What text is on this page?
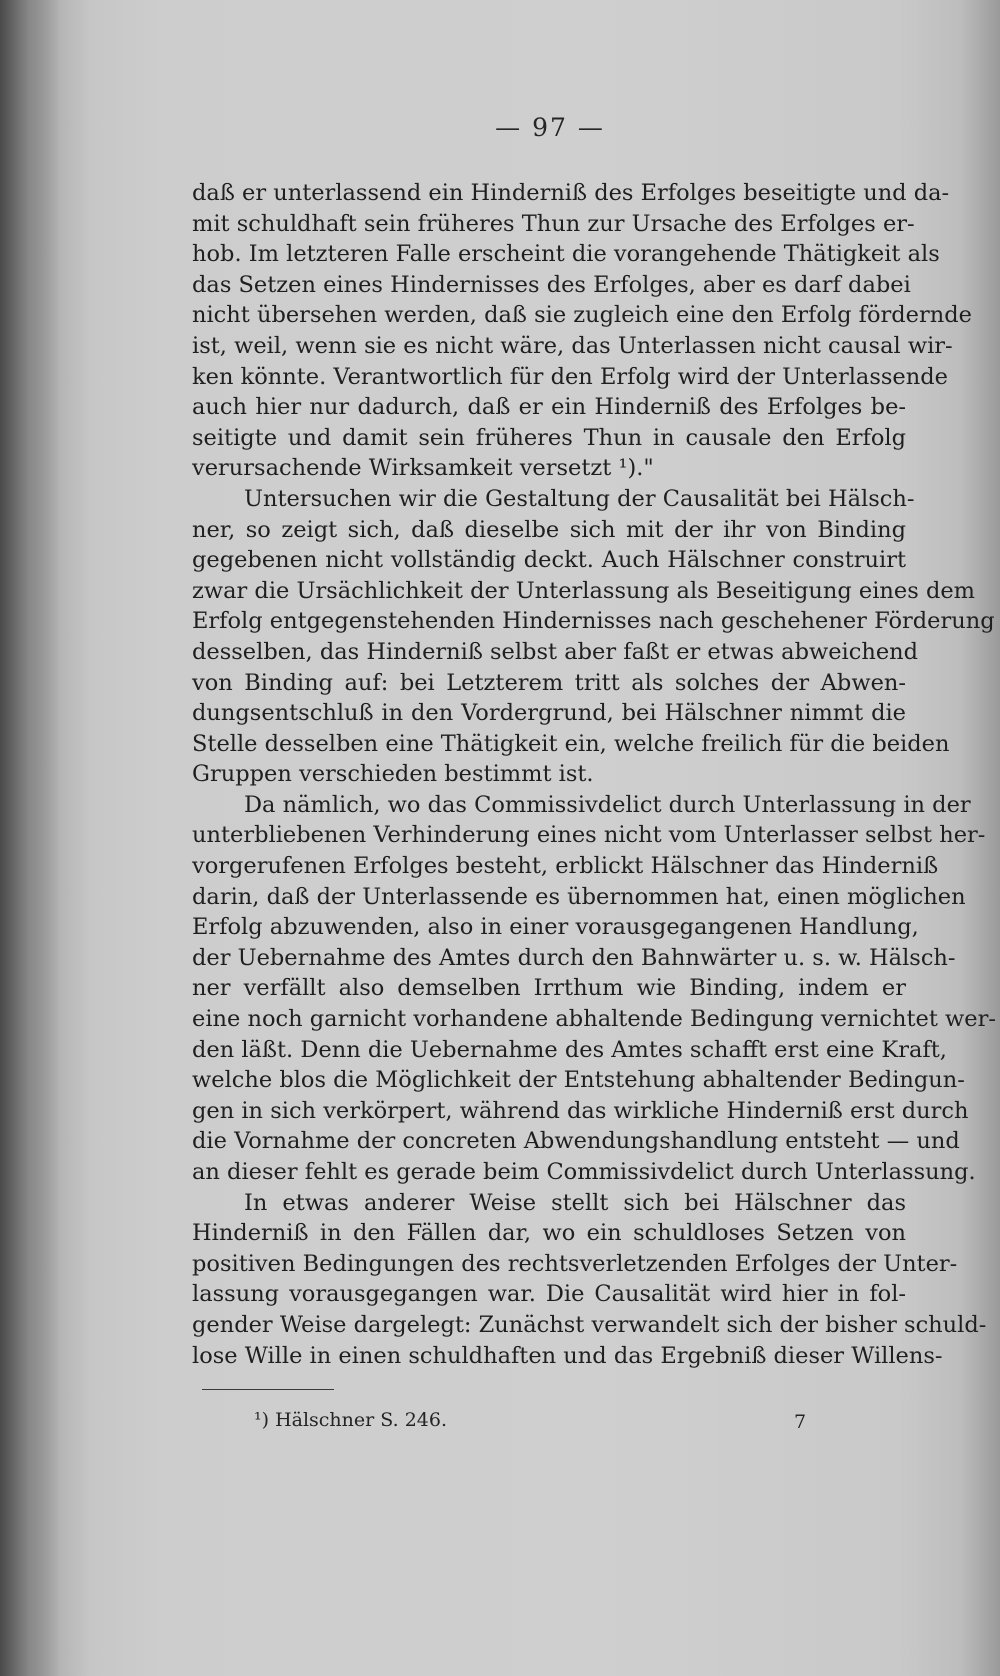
— 97 —
daß er unterlassend ein Hinderniß des Erfolges beseitigte und da-
mit schuldhaft sein früheres Thun zur Ursache des Erfolges er-
hob. Im letzteren Falle erscheint die vorangehende Thätigkeit als
das Setzen eines Hindernisses des Erfolges, aber es darf dabei
nicht übersehen werden, daß sie zugleich eine den Erfolg fördernde
ist, weil, wenn sie es nicht wäre, das Unterlassen nicht causal wir-
ken könnte. Verantwortlich für den Erfolg wird der Unterlassende
auch hier nur dadurch, daß er ein Hinderniß des Erfolges be-
seitigte und damit sein früheres Thun in causale den Erfolg
verursachende Wirksamkeit versetzt ¹)."
Untersuchen wir die Gestaltung der Causalität bei Hälsch-
ner, so zeigt sich, daß dieselbe sich mit der ihr von Binding
gegebenen nicht vollständig deckt. Auch Hälschner construirt
zwar die Ursächlichkeit der Unterlassung als Beseitigung eines dem
Erfolg entgegenstehenden Hindernisses nach geschehener Förderung
desselben, das Hinderniß selbst aber faßt er etwas abweichend
von Binding auf: bei Letzterem tritt als solches der Abwen-
dungsentschluß in den Vordergrund, bei Hälschner nimmt die
Stelle desselben eine Thätigkeit ein, welche freilich für die beiden
Gruppen verschieden bestimmt ist.
Da nämlich, wo das Commissivdelict durch Unterlassung in der
unterbliebenen Verhinderung eines nicht vom Unterlasser selbst her-
vorgerufenen Erfolges besteht, erblickt Hälschner das Hinderniß
darin, daß der Unterlassende es übernommen hat, einen möglichen
Erfolg abzuwenden, also in einer vorausgegangenen Handlung,
der Uebernahme des Amtes durch den Bahnwärter u. s. w. Hälsch-
ner verfällt also demselben Irrthum wie Binding, indem er
eine noch garnicht vorhandene abhaltende Bedingung vernichtet wer-
den läßt. Denn die Uebernahme des Amtes schafft erst eine Kraft,
welche blos die Möglichkeit der Entstehung abhaltender Bedingun-
gen in sich verkörpert, während das wirkliche Hinderniß erst durch
die Vornahme der concreten Abwendungshandlung entsteht — und
an dieser fehlt es gerade beim Commissivdelict durch Unterlassung.
In etwas anderer Weise stellt sich bei Hälschner das
Hinderniß in den Fällen dar, wo ein schuldloses Setzen von
positiven Bedingungen des rechtsverletzenden Erfolges der Unter-
lassung vorausgegangen war. Die Causalität wird hier in fol-
gender Weise dargelegt: Zunächst verwandelt sich der bisher schuld-
lose Wille in einen schuldhaften und das Ergebniß dieser Willens-
¹) Hälschner S. 246.	7
